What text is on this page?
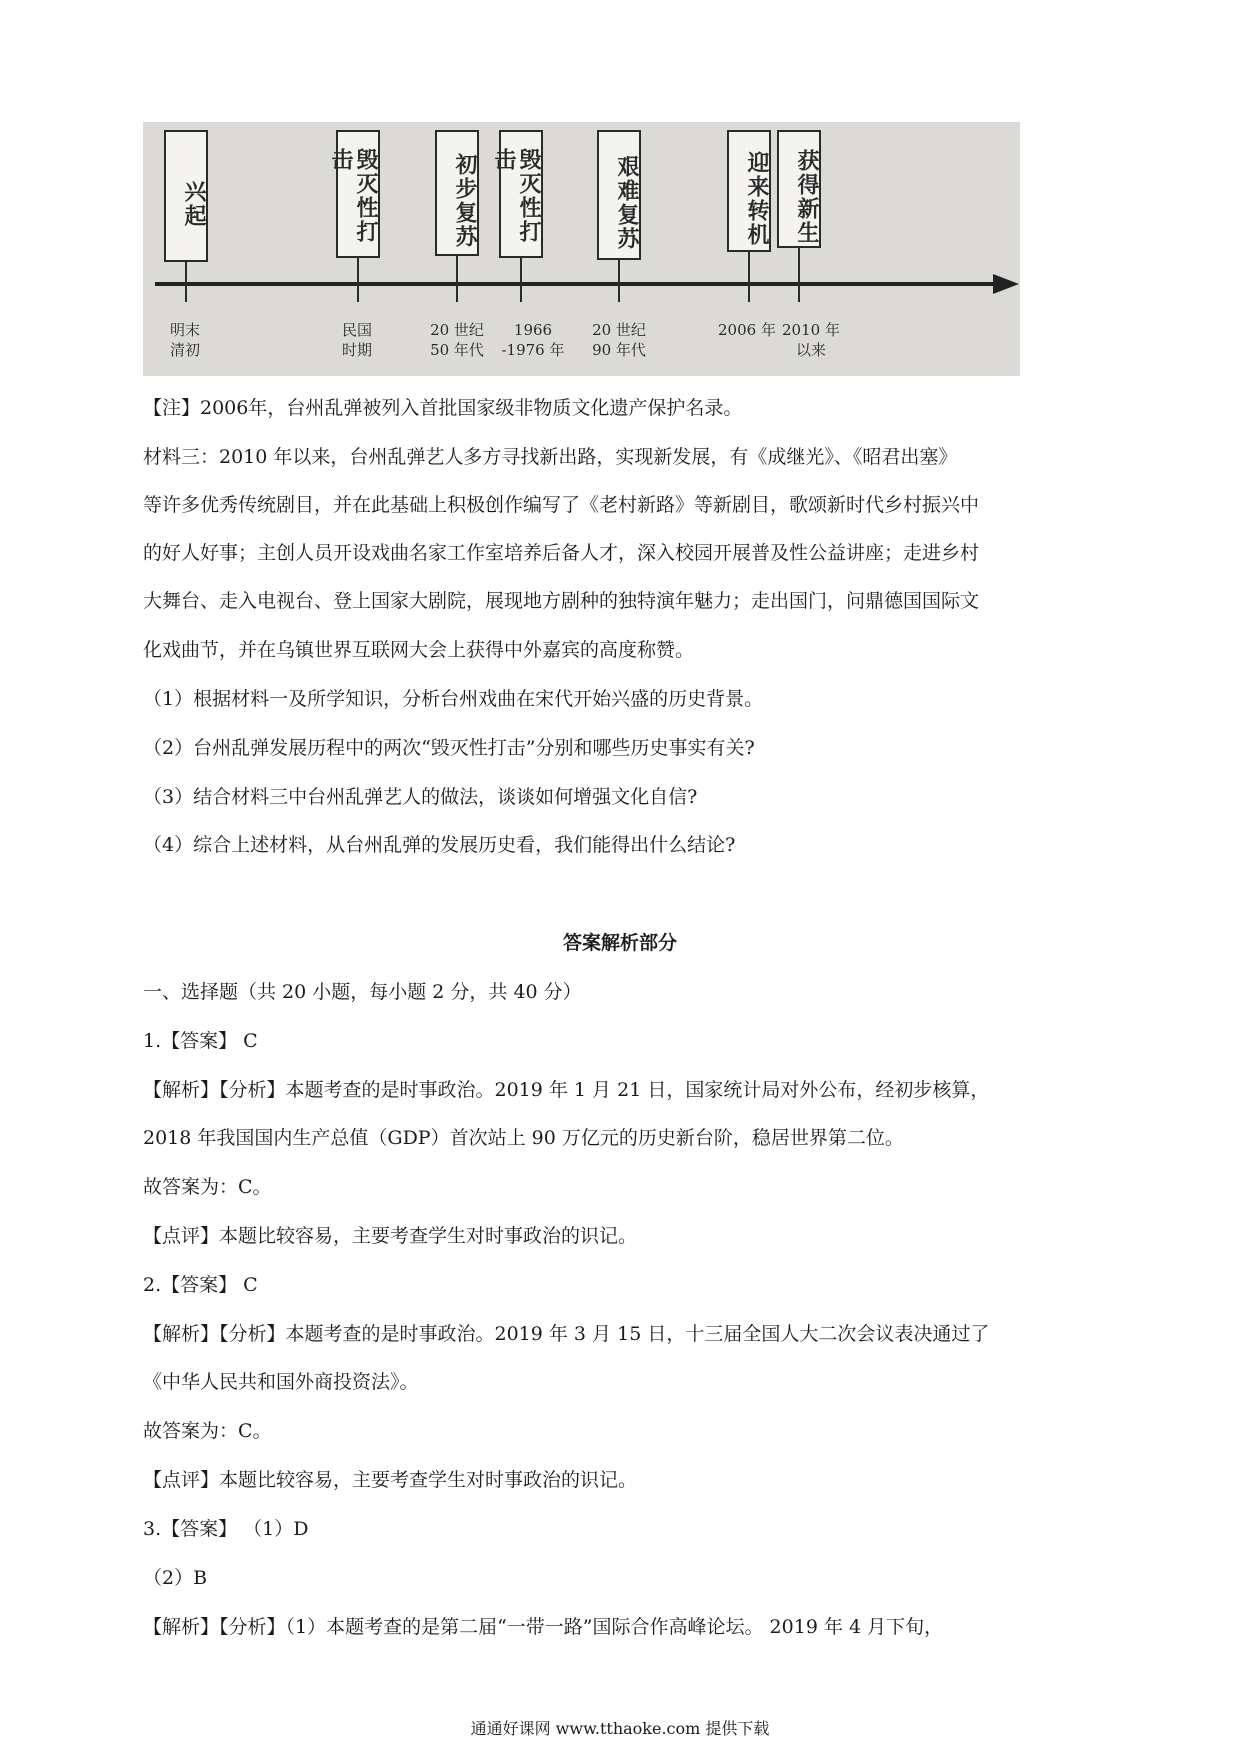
兴起	毁灭性打击	初步复苏	毁灭性打击	艰难复苏	迎来转机	获得新生
明末
清初
民国
时期
20 世纪
50 年代
1966
-1976 年
20 世纪
90 年代
2006 年 2010 年
以来
【注】2006年，台州乱弹被列入首批国家级非物质文化遗产保护名录。
材料三：2010 年以来，台州乱弹艺人多方寻找新出路，实现新发展，有《成继光》、《昭君出塞》
等许多优秀传统剧目，并在此基础上积极创作编写了《老村新路》等新剧目，歌颂新时代乡村振兴中
的好人好事；主创人员开设戏曲名家工作室培养后备人才，深入校园开展普及性公益讲座；走进乡村
大舞台、走入电视台、登上国家大剧院，展现地方剧种的独特演年魅力；走出国门，问鼎德国国际文
化戏曲节，并在乌镇世界互联网大会上获得中外嘉宾的高度称赞。
（1）根据材料一及所学知识，分析台州戏曲在宋代开始兴盛的历史背景。
（2）台州乱弹发展历程中的两次“毁灭性打击”分别和哪些历史事实有关?
（3）结合材料三中台州乱弹艺人的做法，谈谈如何增强文化自信?
（4）综合上述材料，从台州乱弹的发展历史看，我们能得出什么结论?
答案解析部分
一、选择题（共 20 小题，每小题 2 分，共 40 分）
1.【答案】 C
【解析】【分析】本题考查的是时事政治。2019 年 1 月 21 日，国家统计局对外公布，经初步核算，
2018 年我国国内生产总值（GDP）首次站上 90 万亿元的历史新台阶，稳居世界第二位。
故答案为：C。
【点评】本题比较容易，主要考查学生对时事政治的识记。
2.【答案】 C
【解析】【分析】本题考查的是时事政治。2019 年 3 月 15 日，十三届全国人大二次会议表决通过了
《中华人民共和国外商投资法》。
故答案为：C。
【点评】本题比较容易，主要考查学生对时事政治的识记。
3.【答案】 （1）D
（2）B
【解析】【分析】（1）本题考查的是第二届“一带一路”国际合作高峰论坛。 2019 年 4 月下旬，
通通好课网 www.tthaoke.com 提供下载
